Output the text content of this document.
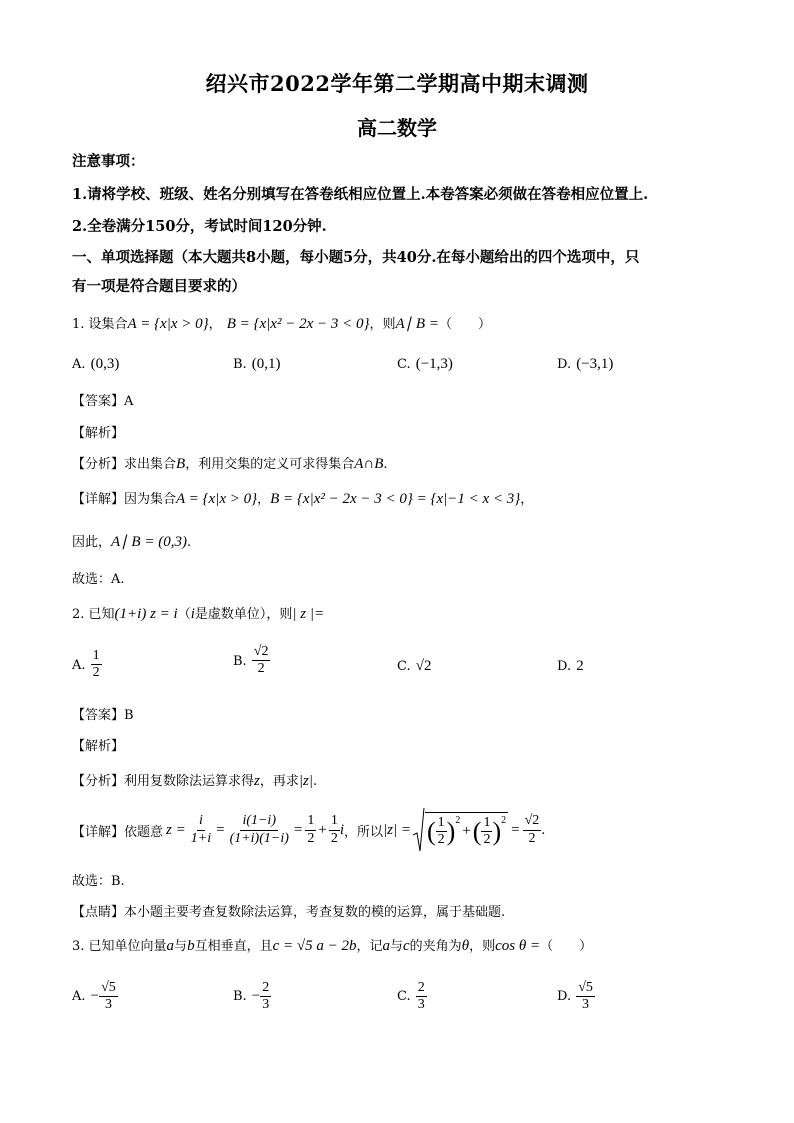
绍兴市2022学年第二学期高中期末调测
高二数学
注意事项：
1.请将学校、班级、姓名分别填写在答卷纸相应位置上.本卷答案必须做在答卷相应位置上.
2.全卷满分150分，考试时间120分钟.
一、单项选择题（本大题共8小题，每小题5分，共40分.在每小题给出的四个选项中，只
有一项是符合题目要求的）
1. 设集合A = {x|x > 0}， B = {x|x² − 2x − 3 < 0}，则A∣ B =（　　）
A. (0,3)	B. (0,1)	C. (−1,3)	D. (−3,1)
【答案】A
【解析】
【分析】求出集合B，利用交集的定义可求得集合A∩B.
【详解】因为集合A = {x|x > 0}，B = {x|x² − 2x − 3 < 0} = {x|−1 < x < 3}，
因此，A∣ B = (0,3).
故选：A.
2. 已知(1+i) z = i（i是虚数单位），则| z |=
A. $\frac{1}{2}$	B. $\frac{√2}{2}$	C. √2	D. 2
【答案】B
【解析】
【分析】利用复数除法运算求得z，再求|z|.
【详解】 依题意 $z = \frac{i}{1+i} = \frac{i(1-i)}{(1+i)(1-i)} = \frac{1}{2} + \frac{1}{2}$ i ，所以 |z| = ( $\frac{1}{2} )^2$
+ ( $\frac{1}{2} )^2$
= $\frac{√2}{2}$ .
故选：B.
【点睛】本小题主要考查复数除法运算，考查复数的模的运算，属于基础题.
3. 已知单位向量a与b互相垂直，且c = √5 a − 2b，记a与c的夹角为θ，则cos θ =（　　）
A.
− $\frac{√5}{3}$	B.
− $\frac{2}{3}$	C.
$\frac{2}{3}$	D.
$\frac{√5}{3}$
